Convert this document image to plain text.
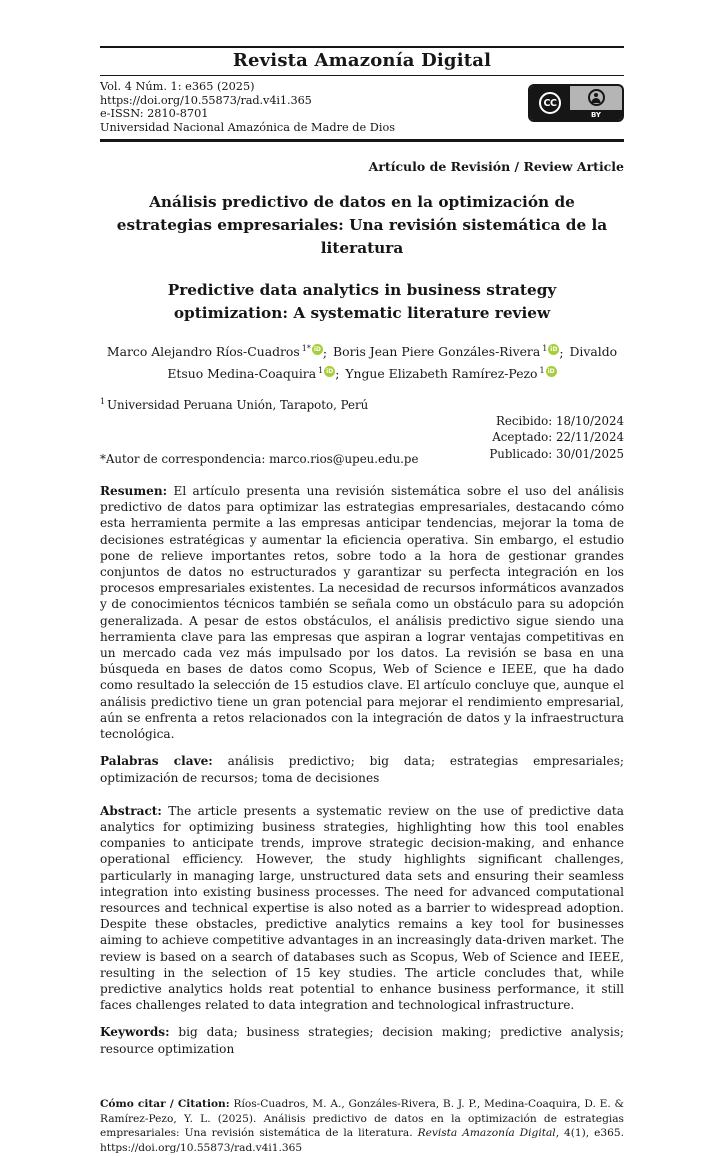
Revista Amazonía Digital
Vol. 4 Núm. 1: e365 (2025)
https://doi.org/10.55873/rad.v4i1.365
e-ISSN: 2810-8701
Universidad Nacional Amazónica de Madre de Dios
CC
BY
Artículo de Revisión / Review Article
Análisis predictivo de datos en la optimización de estrategias empresariales: Una revisión sistemática de la literatura
Predictive data analytics in business strategy optimization: A systematic literature review

Marco Alejandro Ríos-Cuadros $^{1*}$ iD ; Boris Jean Piere Gonzáles-Rivera $^1$ iD ; Divaldo Etsuo Medina-Coaquira $^1$ iD ; Yngue Elizabeth Ramírez-Pezo $^1$ iD

$^1$ Universidad Peruana Unión, Tarapoto, Perú
Recibido: 18/10/2024
Aceptado: 22/11/2024
Publicado: 30/01/2025
*Autor de correspondencia: marco.rios@upeu.edu.pe

Resumen: El artículo presenta una revisión sistemática sobre el uso del análisis predictivo de datos para optimizar las estrategias empresariales, destacando cómo esta herramienta permite a las empresas anticipar tendencias, mejorar la toma de decisiones estratégicas y aumentar la eficiencia operativa. Sin embargo, el estudio pone de relieve importantes retos, sobre todo a la hora de gestionar grandes conjuntos de datos no estructurados y garantizar su perfecta integración en los procesos empresariales existentes. La necesidad de recursos informáticos avanzados y de conocimientos técnicos también se señala como un obstáculo para su adopción generalizada. A pesar de estos obstáculos, el análisis predictivo sigue siendo una herramienta clave para las empresas que aspiran a lograr ventajas competitivas en un mercado cada vez más impulsado por los datos. La revisión se basa en una búsqueda en bases de datos como Scopus, Web of Science e IEEE, que ha dado como resultado la selección de 15 estudios clave. El artículo concluye que, aunque el análisis predictivo tiene un gran potencial para mejorar el rendimiento empresarial, aún se enfrenta a retos relacionados con la integración de datos y la infraestructura tecnológica.

Palabras clave: análisis predictivo; big data; estrategias empresariales; optimización de recursos; toma de decisiones

Abstract: The article presents a systematic review on the use of predictive data analytics for optimizing business strategies, highlighting how this tool enables companies to anticipate trends, improve strategic decision-making, and enhance operational efficiency. However, the study highlights significant challenges, particularly in managing large, unstructured data sets and ensuring their seamless integration into existing business processes. The need for advanced computational resources and technical expertise is also noted as a barrier to widespread adoption. Despite these obstacles, predictive analytics remains a key tool for businesses aiming to achieve competitive advantages in an increasingly data-driven market. The review is based on a search of databases such as Scopus, Web of Science and IEEE, resulting in the selection of 15 key studies. The article concludes that, while predictive analytics holds reat potential to enhance business performance, it still faces challenges related to data integration and technological infrastructure.

Keywords: big data; business strategies; decision making; predictive analysis; resource optimization

Cómo citar / Citation: Ríos-Cuadros, M. A., Gonzáles-Rivera, B. J. P., Medina-Coaquira, D. E. & Ramírez-Pezo, Y. L. (2025). Análisis predictivo de datos en la optimización de estrategias empresariales: Una revisión sistemática de la literatura. Revista Amazonía Digital, 4(1), e365. https://doi.org/10.55873/rad.v4i1.365
